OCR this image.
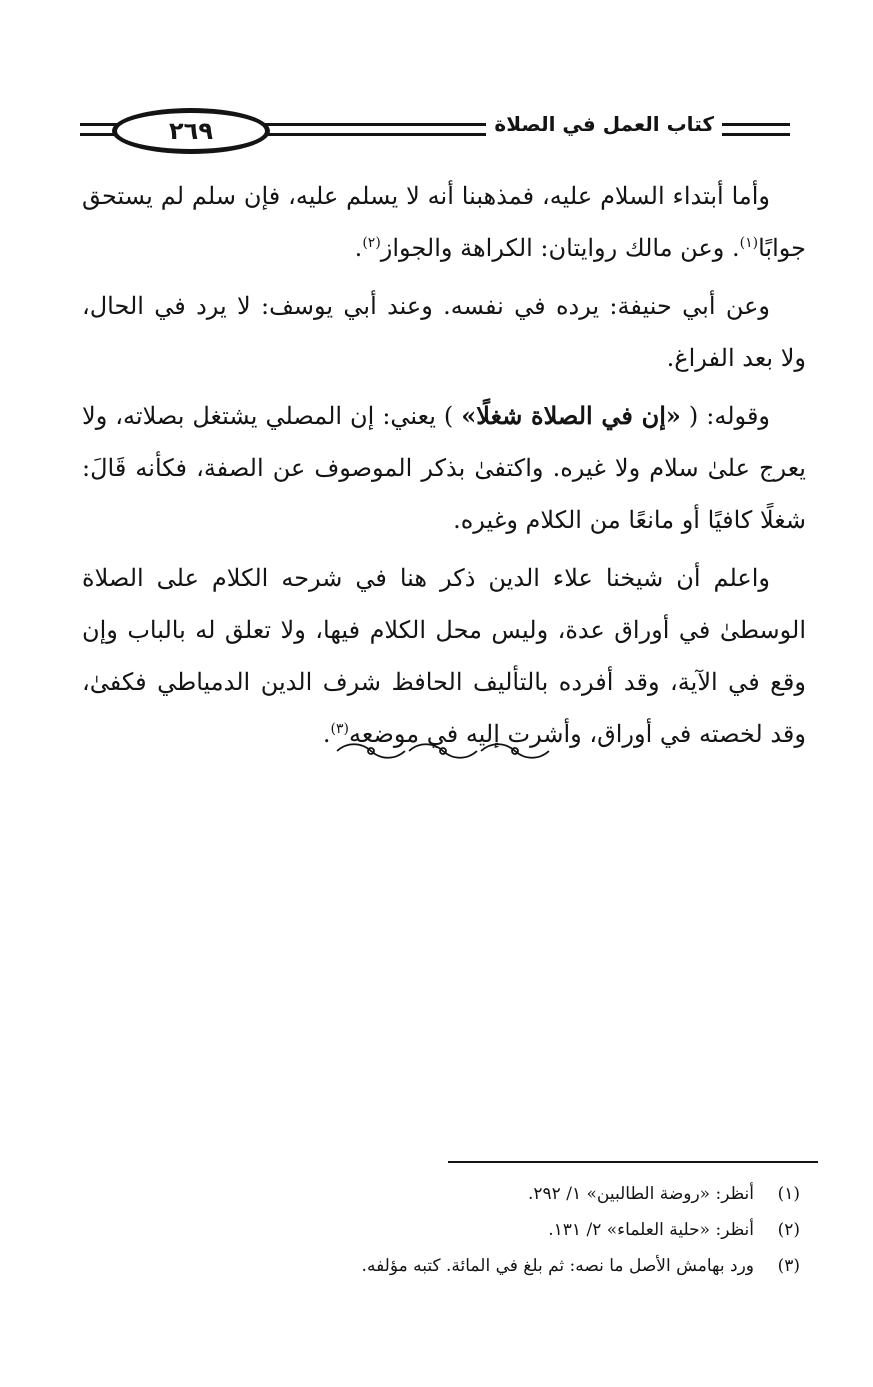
٢٦٩	كتاب العمل في الصلاة

وأما أبتداء السلام عليه، فمذهبنا أنه لا يسلم عليه، فإن سلم لم يستحق جوابًا$^{(١)}$. وعن مالك روايتان: الكراهة والجواز$^{(٢)}$.

وعن أبي حنيفة: يرده في نفسه. وعند أبي يوسف: لا يرد في الحال، ولا بعد الفراغ.

وقوله: ( «إن في الصلاة شغلًا» ) يعني: إن المصلي يشتغل بصلاته، ولا يعرج علىٰ سلام ولا غيره. واكتفىٰ بذكر الموصوف عن الصفة، فكأنه قَالَ: شغلًا كافيًا أو مانعًا من الكلام وغيره.

واعلم أن شيخنا علاء الدين ذكر هنا في شرحه الكلام على الصلاة الوسطىٰ في أوراق عدة، وليس محل الكلام فيها، ولا تعلق له بالباب وإن وقع في الآية، وقد أفرده بالتأليف الحافظ شرف الدين الدمياطي فكفىٰ، وقد لخصته في أوراق، وأشرت إليه في موضعه$^{(٣)}$.

(١)أنظر: «روضة الطالبين» ١/ ٢٩٢.
(٢)أنظر: «حلية العلماء» ٢/ ١٣١.
(٣)ورد بهامش الأصل ما نصه: ثم بلغ في المائة. كتبه مؤلفه.
